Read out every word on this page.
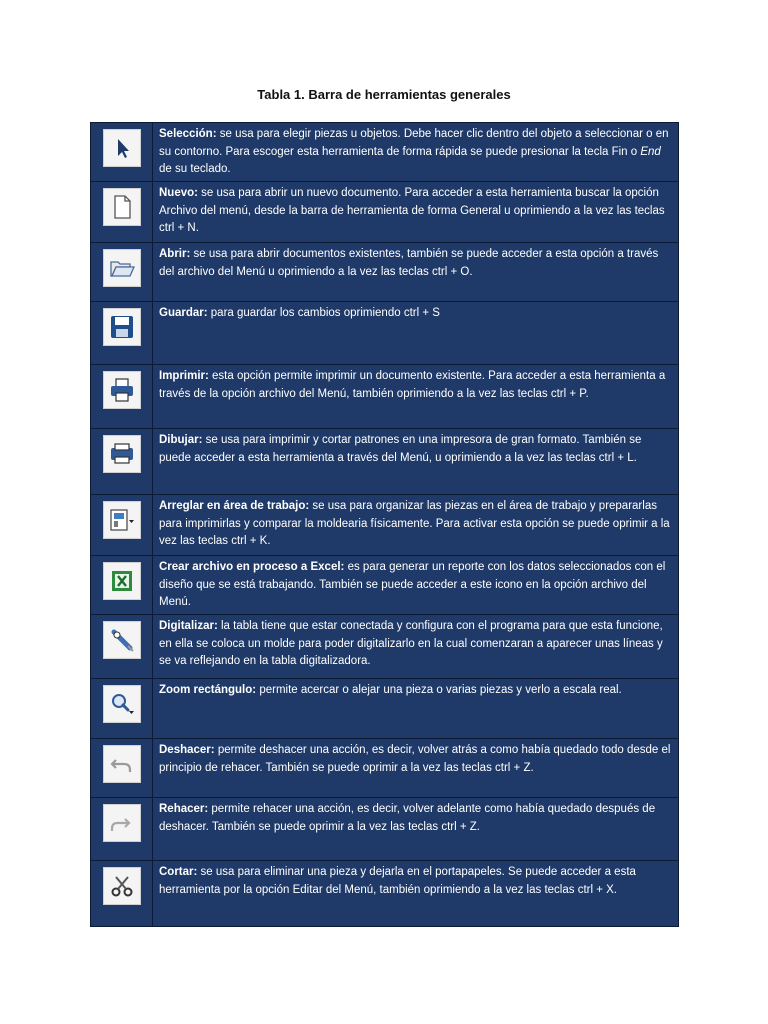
Tabla 1. Barra de herramientas generales
	Selección: se usa para elegir piezas u objetos. Debe hacer clic dentro del objeto a seleccionar o en su contorno. Para escoger esta herramienta de forma rápida se puede presionar la tecla Fin o End de su teclado.

	Nuevo: se usa para abrir un nuevo documento. Para acceder a esta herramienta buscar la opción Archivo del menú, desde la barra de herramienta de forma General u oprimiendo a la vez las teclas ctrl + N.

	Abrir: se usa para abrir documentos existentes, también se puede acceder a esta opción a través del archivo del Menú u oprimiendo a la vez las teclas ctrl + O.

	Guardar: para guardar los cambios oprimiendo ctrl + S

	Imprimir: esta opción permite imprimir un documento existente. Para acceder a esta herramienta a través de la opción archivo del Menú, también oprimiendo a la vez las teclas ctrl + P.

	Dibujar: se usa para imprimir y cortar patrones en una impresora de gran formato. También se puede acceder a esta herramienta a través del Menú, u oprimiendo a la vez las teclas ctrl + L.

	Arreglar en área de trabajo: se usa para organizar las piezas en el área de trabajo y prepararlas para imprimirlas y comparar la moldearia físicamente. Para activar esta opción se puede oprimir a la vez las teclas ctrl + K.

	Crear archivo en proceso a Excel: es para generar un reporte con los datos seleccionados con el diseño que se está trabajando. También se puede acceder a este icono en la opción archivo del Menú.

	Digitalizar: la tabla tiene que estar conectada y configura con el programa para que esta funcione, en ella se coloca un molde para poder digitalizarlo en la cual comenzaran a aparecer unas líneas y se va reflejando en la tabla digitalizadora.

	Zoom rectángulo: permite acercar o alejar una pieza o varias piezas y verlo a escala real.

	Deshacer: permite deshacer una acción, es decir, volver atrás a como había quedado todo desde el principio de rehacer. También se puede oprimir a la vez las teclas ctrl + Z.

	Rehacer: permite rehacer una acción, es decir, volver adelante como había quedado después de deshacer. También se puede oprimir a la vez las teclas ctrl + Z.

	Cortar: se usa para eliminar una pieza y dejarla en el portapapeles. Se puede acceder a esta herramienta por la opción Editar del Menú, también oprimiendo a la vez las teclas ctrl + X.
